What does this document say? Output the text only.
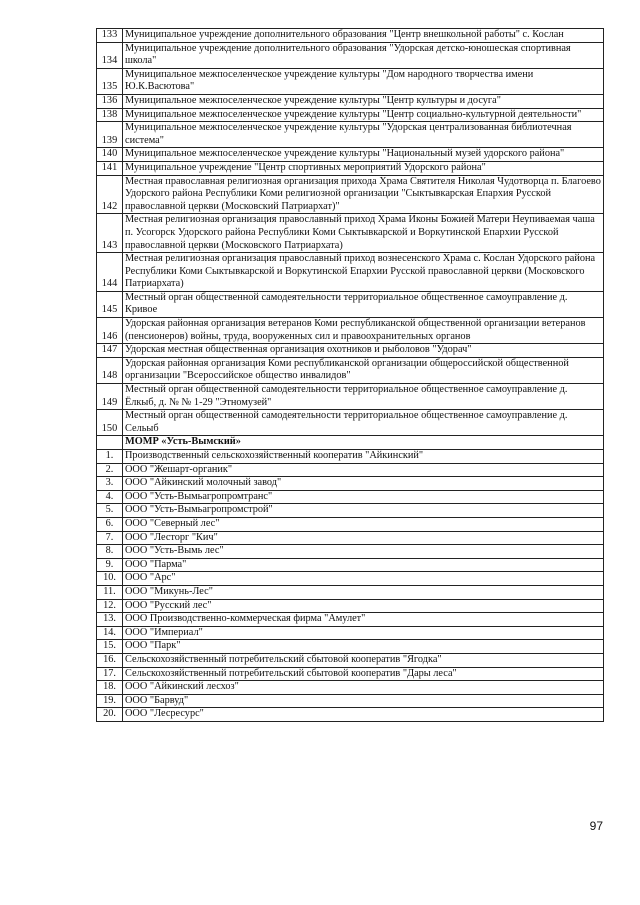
133	Муниципальное учреждение дополнительного образования "Центр внешкольной работы" с. Кослан
134	Муниципальное учреждение дополнительного образования "Удорская детско-юношеская спортивная школа"
135	Муниципальное межпоселенческое учреждение культуры "Дом народного творчества имени Ю.К.Васютова"
136	Муниципальное межпоселенческое учреждение культуры "Центр культуры и досуга"
138	Муниципальное межпоселенческое учреждение культуры "Центр социально-культурной деятельности"
139	Муниципальное межпоселенческое учреждение культуры "Удорская централизованная библиотечная система"
140	Муниципальное межпоселенческое учреждение культуры "Национальный музей удорского района"
141	Муниципальное учреждение "Центр спортивных мероприятий Удорского района"
142	Местная православная религиозная организация прихода Храма Святителя Николая Чудотворца п. Благоево Удорского района Республики Коми религиозной организации "Сыктывкарская Епархия Русской православной церкви (Московский Патриархат)"
143	Местная религиозная организация православный приход Храма Иконы Божией Матери Неупиваемая чаша п. Усогорск Удорского района Республики Коми Сыктывкарской и Воркутинской Епархии Русской православной церкви (Московского Патриархата)
144	Местная религиозная организация православный приход вознесенского Храма с. Кослан Удорского района Республики Коми Сыктывкарской и Воркутинской Епархии Русской православной церкви (Московского Патриархата)
145	Местный орган общественной самодеятельности территориальное общественное самоуправление д. Кривое
146	Удорская районная организация ветеранов Коми республиканской общественной организации ветеранов (пенсионеров) войны, труда, вооруженных сил и правоохранительных органов
147	Удорская местная общественная организация охотников и рыболовов "Удорач"
148	Удорская районная организация Коми республиканской организации общероссийской общественной организации "Всероссийское общество инвалидов"
149	Местный орган общественной самодеятельности территориальное общественное самоуправление д. Ёлкыб, д. № № 1-29 "Этномузей"
150	Местный орган общественной самодеятельности территориальное общественное самоуправление д. Сельыб
	МОМР «Усть-Вымский»
1.	Производственный сельскохозяйственный кооператив "Айкинский"
2.	ООО "Жешарт-органик"
3.	ООО "Айкинский молочный завод"
4.	ООО "Усть-Вымьагропромтранс"
5.	ООО "Усть-Вымьагропромстрой"
6.	ООО "Северный лес"
7.	ООО "Лесторг "Кич"
8.	ООО "Усть-Вымь лес"
9.	ООО "Парма"
10.	ООО "Арс"
11.	ООО "Микунь-Лес"
12.	ООО "Русский лес"
13.	ООО Производственно-коммерческая фирма "Амулет"
14.	ООО "Империал"
15.	ООО "Парк"
16.	Сельскохозяйственный потребительский сбытовой кооператив "Ягодка"
17.	Сельскохозяйственный потребительский сбытовой кооператив "Дары леса"
18.	ООО "Айкинский лесхоз"
19.	ООО "Барвуд"
20.	ООО "Лесресурс"
97
